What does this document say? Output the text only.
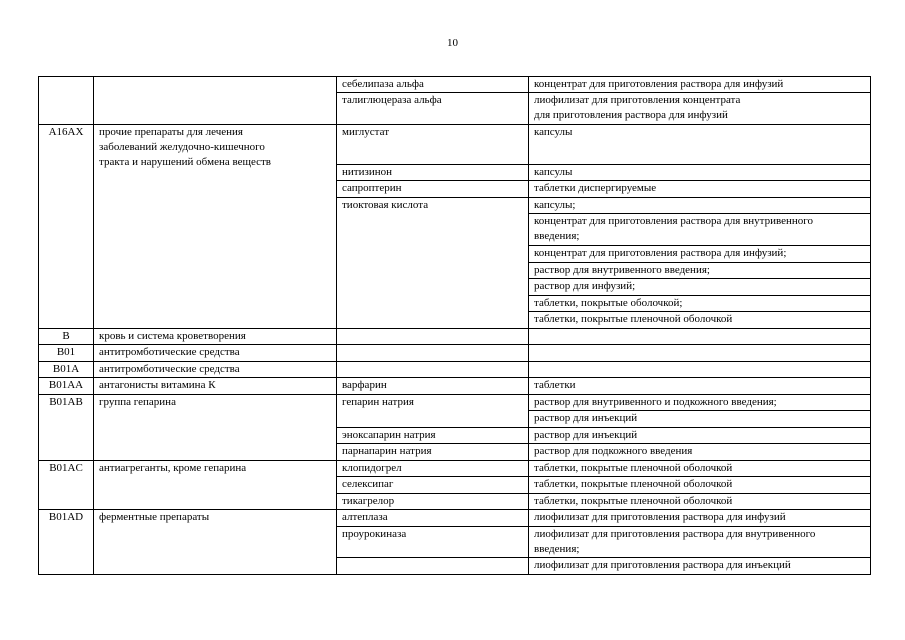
10
		себелипаза альфа	концентрат для приготовления раствора для инфузий
		талиглюцераза альфа	лиофилизат для приготовления концентрата
для приготовления раствора для инфузий

A16AX	прочие препараты для лечения
заболеваний желудочно-кишечного
тракта и нарушений обмена веществ	миглустат	капсулы
		нитизинон	капсулы
		сапроптерин	таблетки диспергируемые
		тиоктовая кислота	капсулы;

			концентрат для приготовления раствора для внутривенного
введения;

			концентрат для приготовления раствора для инфузий;
			раствор для внутривенного введения;
			раствор для инфузий;
			таблетки, покрытые оболочкой;
			таблетки, покрытые пленочной оболочкой
B	кровь и система кроветворения		
B01	антитромботические средства		
B01A	антитромботические средства		
B01AA	антагонисты витамина К	варфарин	таблетки
B01AB	группа гепарина	гепарин натрия	раствор для внутривенного и подкожного введения;
			раствор для инъекций
		эноксапарин натрия	раствор для инъекций
		парнапарин натрия	раствор для подкожного введения
B01AC	антиагреганты, кроме гепарина	клопидогрел	таблетки, покрытые пленочной оболочкой
		селексипаг	таблетки, покрытые пленочной оболочкой
		тикагрелор	таблетки, покрытые пленочной оболочкой
B01AD	ферментные препараты	алтеплаза	лиофилизат для приготовления раствора для инфузий
		проурокиназа	лиофилизат для приготовления раствора для внутривенного
введения;

			лиофилизат для приготовления раствора для инъекций
